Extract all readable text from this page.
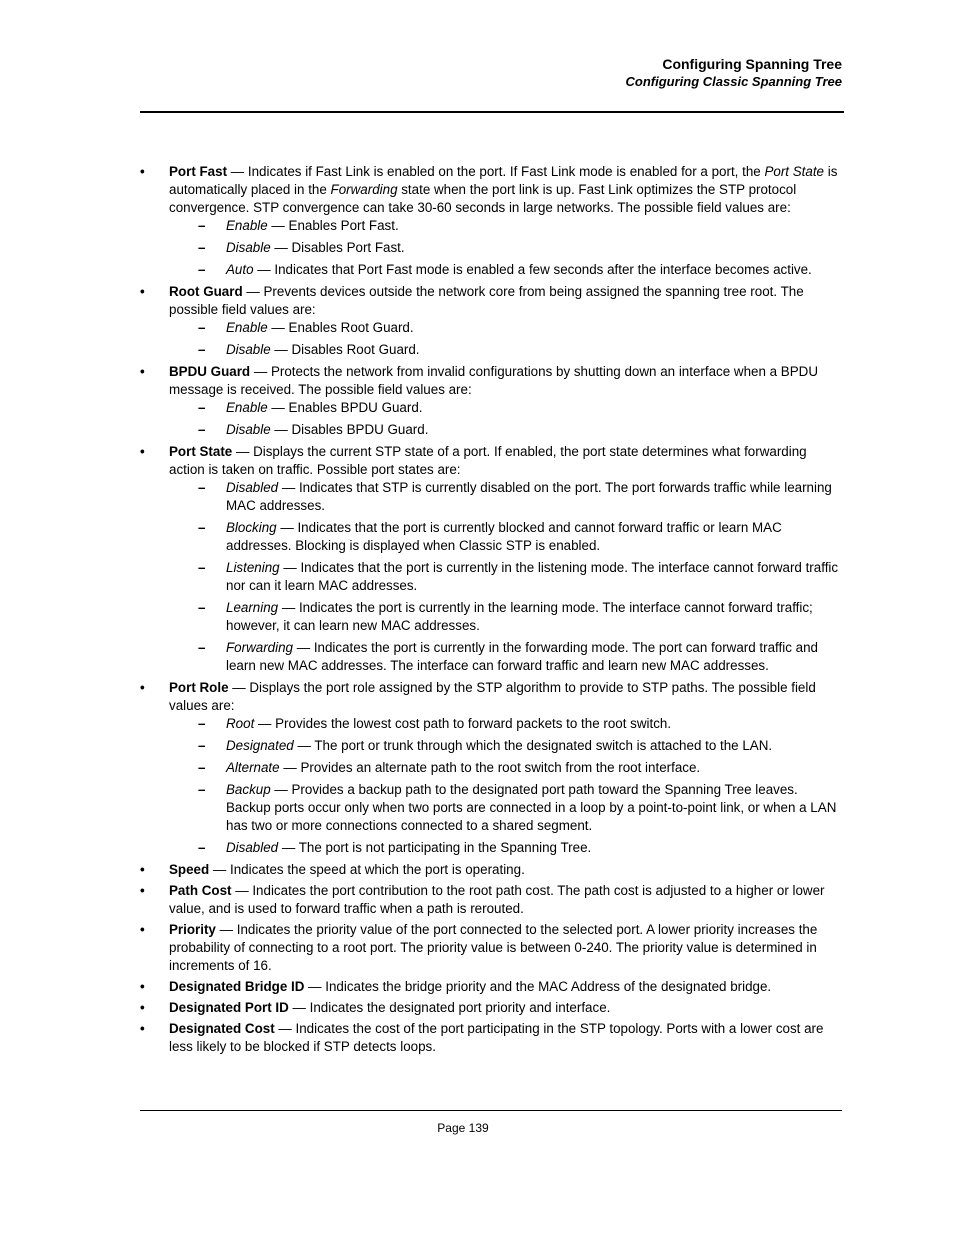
Configuring Spanning Tree
Configuring Classic Spanning Tree
• Port Fast — Indicates if Fast Link is enabled on the port. If Fast Link mode is enabled for a port, the Port State is automatically placed in the Forwarding state when the port link is up. Fast Link optimizes the STP protocol convergence. STP convergence can take 30-60 seconds in large networks. The possible field values are:
– Enable — Enables Port Fast.
– Disable — Disables Port Fast.
– Auto — Indicates that Port Fast mode is enabled a few seconds after the interface becomes active.
• Root Guard — Prevents devices outside the network core from being assigned the spanning tree root. The possible field values are:
– Enable — Enables Root Guard.
– Disable — Disables Root Guard.
• BPDU Guard — Protects the network from invalid configurations by shutting down an interface when a BPDU message is received. The possible field values are:
– Enable — Enables BPDU Guard.
– Disable — Disables BPDU Guard.
• Port State — Displays the current STP state of a port. If enabled, the port state determines what forwarding action is taken on traffic. Possible port states are:
– Disabled — Indicates that STP is currently disabled on the port. The port forwards traffic while learning MAC addresses.
– Blocking — Indicates that the port is currently blocked and cannot forward traffic or learn MAC addresses. Blocking is displayed when Classic STP is enabled.
– Listening — Indicates that the port is currently in the listening mode. The interface cannot forward traffic nor can it learn MAC addresses.
– Learning — Indicates the port is currently in the learning mode. The interface cannot forward traffic; however, it can learn new MAC addresses.
– Forwarding — Indicates the port is currently in the forwarding mode. The port can forward traffic and learn new MAC addresses. The interface can forward traffic and learn new MAC addresses.
• Port Role — Displays the port role assigned by the STP algorithm to provide to STP paths. The possible field values are:
– Root — Provides the lowest cost path to forward packets to the root switch.
– Designated — The port or trunk through which the designated switch is attached to the LAN.
– Alternate — Provides an alternate path to the root switch from the root interface.
– Backup — Provides a backup path to the designated port path toward the Spanning Tree leaves. Backup ports occur only when two ports are connected in a loop by a point-to-point link, or when a LAN has two or more connections connected to a shared segment.
– Disabled — The port is not participating in the Spanning Tree.
• Speed — Indicates the speed at which the port is operating.
• Path Cost — Indicates the port contribution to the root path cost. The path cost is adjusted to a higher or lower value, and is used to forward traffic when a path is rerouted.
• Priority — Indicates the priority value of the port connected to the selected port. A lower priority increases the probability of connecting to a root port. The priority value is between 0-240. The priority value is determined in increments of 16.
• Designated Bridge ID — Indicates the bridge priority and the MAC Address of the designated bridge.
• Designated Port ID — Indicates the designated port priority and interface.
• Designated Cost — Indicates the cost of the port participating in the STP topology. Ports with a lower cost are less likely to be blocked if STP detects loops.
Page 139
